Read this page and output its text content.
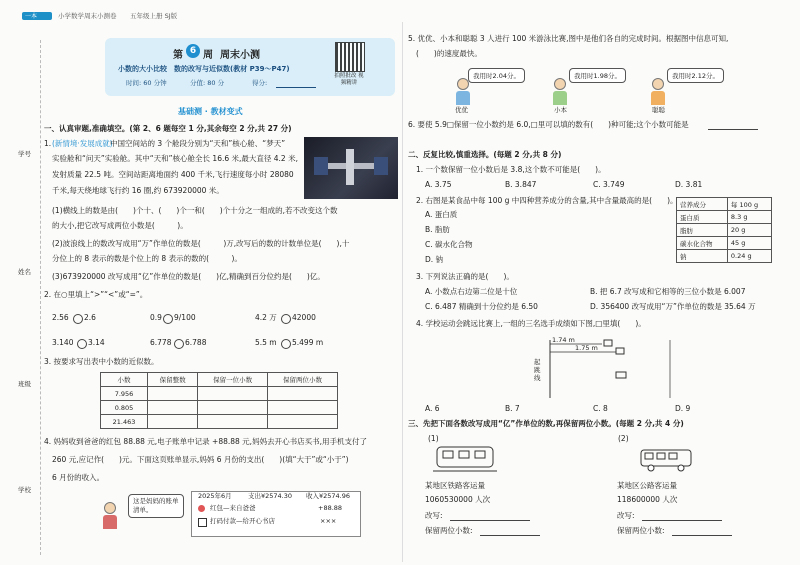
一本	小学数学周末小测卷 五年级上册 SJ版
学号
姓名
班级
学校
第 6 周 周末小测
小数的大小比较　数的改写与近似数(教材 P39～P47)
时间: 60 分钟	分值: 80 分	得分:
拍照批改 视频精讲
基础测 · 教材变式
一、认真审题,准确填空。(第 2、6 题每空 1 分,其余每空 2 分,共 27 分)
1. (新情境·发展成就)
中国空间站的 3 个舱段分别为“天和”核心舱、“梦天”
实验舱和“问天”实验舱。其中“天和”核心舱全长 16.6 米,最大直径 4.2 米,
发射质量 22.5 吨。空间站距离地面约 400 千米,飞行速度每小时 28080
千米,每天绕地球飞行约 16 圈,约 673920000 米。
(1)横线上的数是由(　　)个十、(　　)个一和(　　)个十分之一组成的,若不改变这个数
的大小,把它改写成两位小数是(　　　)。
(2)波浪线上的数改写成用“万”作单位的数是(　　　)万,改写后的数的计数单位是(　　),十
分位上的 8 表示的数是个位上的 8 表示的数的(　　　)。
(3)673920000 改写成用“亿”作单位的数是(　　)亿,精确到百分位约是(　　)亿。
2. 在○里填上“>”“<”或“=”。
2.56 2.6	0.9 9/100	4.2 万 42000
3.140 3.14	6.778 6.788	5.5 m 5.499 m
3. 按要求写出表中小数的近似数。
小数	保留整数	保留一位小数	保留两位小数
7.956			
0.805			
21.463			
4. 妈妈收到爸爸的红包 88.88 元,电子账单中记录 +88.88 元,妈妈去开心书店买书,用手机支付了
260 元,应记作(　　)元。下面这页账单显示,妈妈 6 月份的支出(　　)(填“大于”或“小于”)
6 月份的收入。
这是妈妈的账单清单。
2025年6月	支出¥2574.30 收入¥2574.96
红包—来自爸爸	+88.88
打码付款—给开心书店	×××
5. 优优、小本和聪聪 3 人进行 100 米游泳比赛,图中是他们各自的完成时间。根据图中信息可知,
(　　)的速度最快。
我用时2.04分。	我用时1.98分。	我用时2.12分。
优优	小本	聪聪
6. 要使 5.9□保留一位小数约是 6.0,□里可以填的数有(　　)种可能;这个小数可能是
二、反复比较,慎重选择。(每题 2 分,共 8 分)
1. 一个数保留一位小数后是 3.8,这个数不可能是(　　)。
A. 3.75	B. 3.847	C. 3.749	D. 3.81
2. 右图是某食品中每 100 g 中四种营养成分的含量,其中含量最高的是(　　)。
A. 蛋白质
B. 脂肪
C. 碳水化合物
D. 钠
营养成分	每 100 g
蛋白质	8.3 g
脂肪	20 g
碳水化合物	45 g
钠	0.24 g
3. 下列说法正确的是(　　)。
A. 小数点右边第二位是十位	B. 把 6.7 改写成和它相等的三位小数是 6.007
C. 6.487 精确到十分位约是 6.50	D. 356400 改写成用“万”作单位的数是 35.64 万
4. 学校运动会跳远比赛上,一组的三名选手成绩如下图,□里填(　　)。
1.74 m
1.75 m
起跳线
A. 6	B. 7	C. 8	D. 9
三、先把下面各数改写成用“亿”作单位的数,再保留两位小数。(每题 2 分,共 4 分)
(1)
某地区铁路客运量
1060530000 人次
改写:
保留两位小数:
(2)
某地区公路客运量
118600000 人次
改写:
保留两位小数:
